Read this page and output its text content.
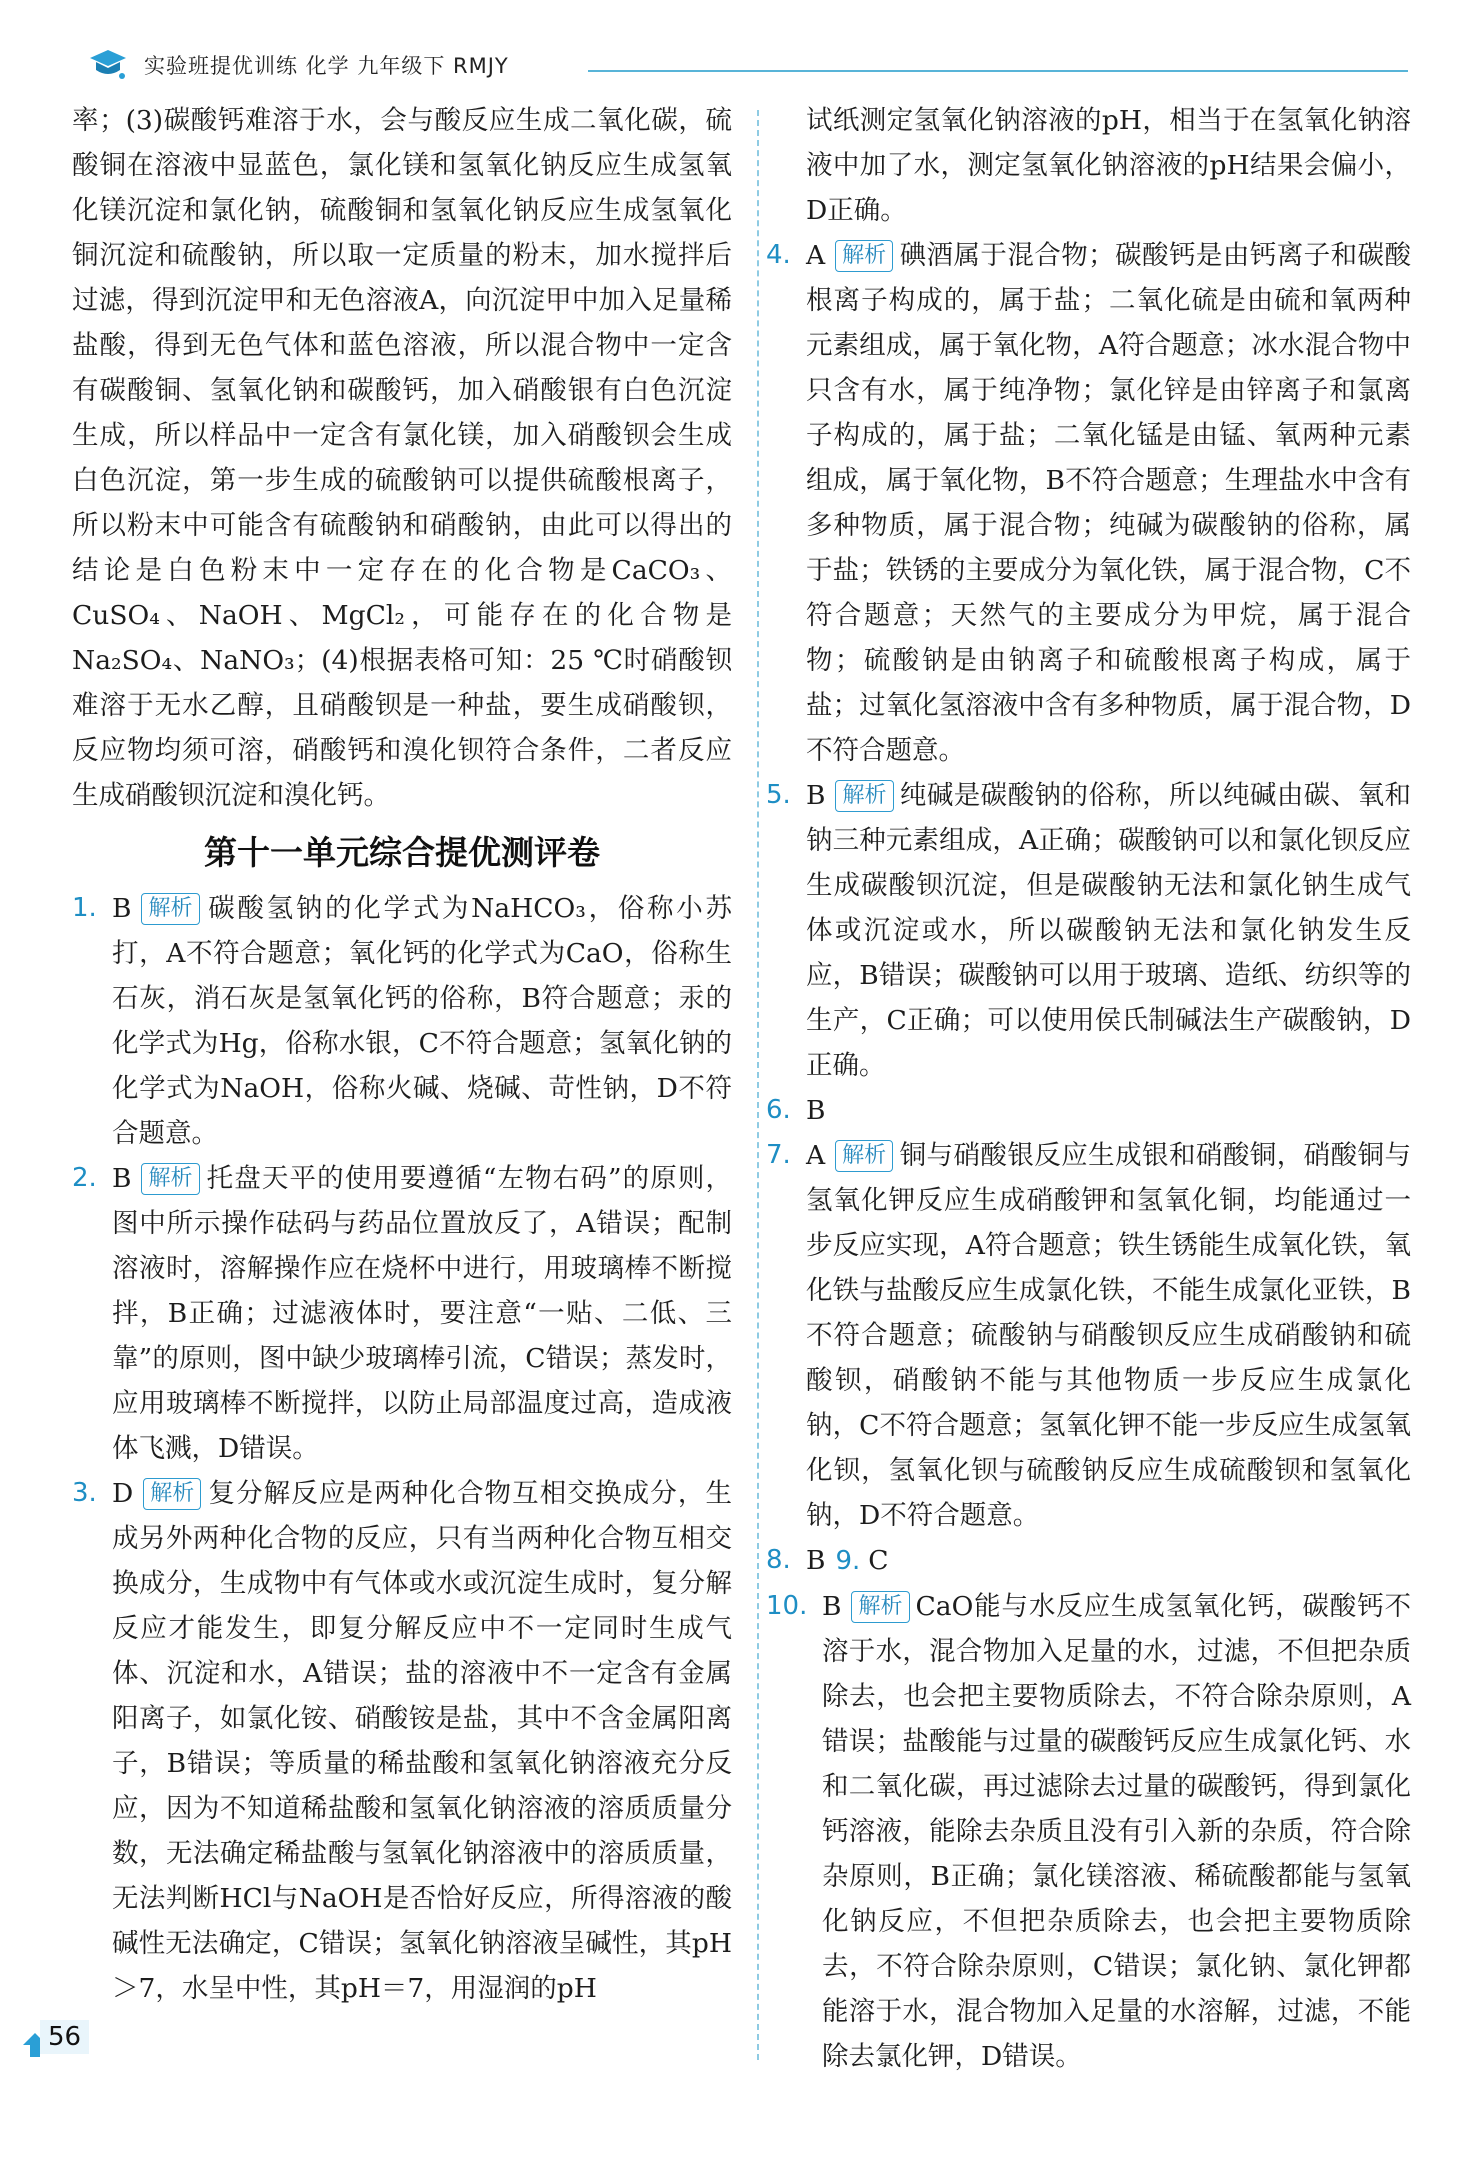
实验班提优训练 化学 九年级下 RMJY

率；(3)碳酸钙难溶于水，会与酸反应生成二氧化碳，硫酸铜在溶液中显蓝色，氯化镁和氢氧化钠反应生成氢氧化镁沉淀和氯化钠，硫酸铜和氢氧化钠反应生成氢氧化铜沉淀和硫酸钠，所以取一定质量的粉末，加水搅拌后过滤，得到沉淀甲和无色溶液A，向沉淀甲中加入足量稀盐酸，得到无色气体和蓝色溶液，所以混合物中一定含有碳酸铜、氢氧化钠和碳酸钙，加入硝酸银有白色沉淀生成，所以样品中一定含有氯化镁，加入硝酸钡会生成白色沉淀，第一步生成的硫酸钠可以提供硫酸根离子，所以粉末中可能含有硫酸钠和硝酸钠，由此可以得出的结论是白色粉末中一定存在的化合物是CaCO₃、CuSO₄、NaOH、MgCl₂，可能存在的化合物是Na₂SO₄、NaNO₃；(4)根据表格可知：25 ℃时硝酸钡难溶于无水乙醇，且硝酸钡是一种盐，要生成硝酸钡，反应物均须可溶，硝酸钙和溴化钡符合条件，二者反应生成硝酸钡沉淀和溴化钙。

第十一单元综合提优测评卷

1. B 解析 碳酸氢钠的化学式为NaHCO₃，俗称小苏打，A不符合题意；氧化钙的化学式为CaO，俗称生石灰，消石灰是氢氧化钙的俗称，B符合题意；汞的化学式为Hg，俗称水银，C不符合题意；氢氧化钠的化学式为NaOH，俗称火碱、烧碱、苛性钠，D不符合题意。

2. B 解析 托盘天平的使用要遵循“左物右码”的原则，图中所示操作砝码与药品位置放反了，A错误；配制溶液时，溶解操作应在烧杯中进行，用玻璃棒不断搅拌，B正确；过滤液体时，要注意“一贴、二低、三靠”的原则，图中缺少玻璃棒引流，C错误；蒸发时，应用玻璃棒不断搅拌，以防止局部温度过高，造成液体飞溅，D错误。

3. D 解析 复分解反应是两种化合物互相交换成分，生成另外两种化合物的反应，只有当两种化合物互相交换成分，生成物中有气体或水或沉淀生成时，复分解反应才能发生，即复分解反应中不一定同时生成气体、沉淀和水，A错误；盐的溶液中不一定含有金属阳离子，如氯化铵、硝酸铵是盐，其中不含金属阳离子，B错误；等质量的稀盐酸和氢氧化钠溶液充分反应，因为不知道稀盐酸和氢氧化钠溶液的溶质质量分数，无法确定稀盐酸与氢氧化钠溶液中的溶质质量，无法判断HCl与NaOH是否恰好反应，所得溶液的酸碱性无法确定，C错误；氢氧化钠溶液呈碱性，其pH＞7，水呈中性，其pH＝7，用湿润的pH

试纸测定氢氧化钠溶液的pH，相当于在氢氧化钠溶液中加了水，测定氢氧化钠溶液的pH结果会偏小，D正确。

4. A 解析 碘酒属于混合物；碳酸钙是由钙离子和碳酸根离子构成的，属于盐；二氧化硫是由硫和氧两种元素组成，属于氧化物，A符合题意；冰水混合物中只含有水，属于纯净物；氯化锌是由锌离子和氯离子构成的，属于盐；二氧化锰是由锰、氧两种元素组成，属于氧化物，B不符合题意；生理盐水中含有多种物质，属于混合物；纯碱为碳酸钠的俗称，属于盐；铁锈的主要成分为氧化铁，属于混合物，C不符合题意；天然气的主要成分为甲烷，属于混合物；硫酸钠是由钠离子和硫酸根离子构成，属于盐；过氧化氢溶液中含有多种物质，属于混合物，D不符合题意。

5. B 解析 纯碱是碳酸钠的俗称，所以纯碱由碳、氧和钠三种元素组成，A正确；碳酸钠可以和氯化钡反应生成碳酸钡沉淀，但是碳酸钠无法和氯化钠生成气体或沉淀或水，所以碳酸钠无法和氯化钠发生反应，B错误；碳酸钠可以用于玻璃、造纸、纺织等的生产，C正确；可以使用侯氏制碱法生产碳酸钠，D正确。

6. B

7. A 解析 铜与硝酸银反应生成银和硝酸铜，硝酸铜与氢氧化钾反应生成硝酸钾和氢氧化铜，均能通过一步反应实现，A符合题意；铁生锈能生成氧化铁，氧化铁与盐酸反应生成氯化铁，不能生成氯化亚铁，B不符合题意；硫酸钠与硝酸钡反应生成硝酸钠和硫酸钡，硝酸钠不能与其他物质一步反应生成氯化钠，C不符合题意；氢氧化钾不能一步反应生成氢氧化钡，氢氧化钡与硫酸钠反应生成硫酸钡和氢氧化钠，D不符合题意。

8. B 9. C

10. B 解析 CaO能与水反应生成氢氧化钙，碳酸钙不溶于水，混合物加入足量的水，过滤，不但把杂质除去，也会把主要物质除去，不符合除杂原则，A错误；盐酸能与过量的碳酸钙反应生成氯化钙、水和二氧化碳，再过滤除去过量的碳酸钙，得到氯化钙溶液，能除去杂质且没有引入新的杂质，符合除杂原则，B正确；氯化镁溶液、稀硫酸都能与氢氧化钠反应，不但把杂质除去，也会把主要物质除去，不符合除杂原则，C错误；氯化钠、氯化钾都能溶于水，混合物加入足量的水溶解，过滤，不能除去氯化钾，D错误。

56
